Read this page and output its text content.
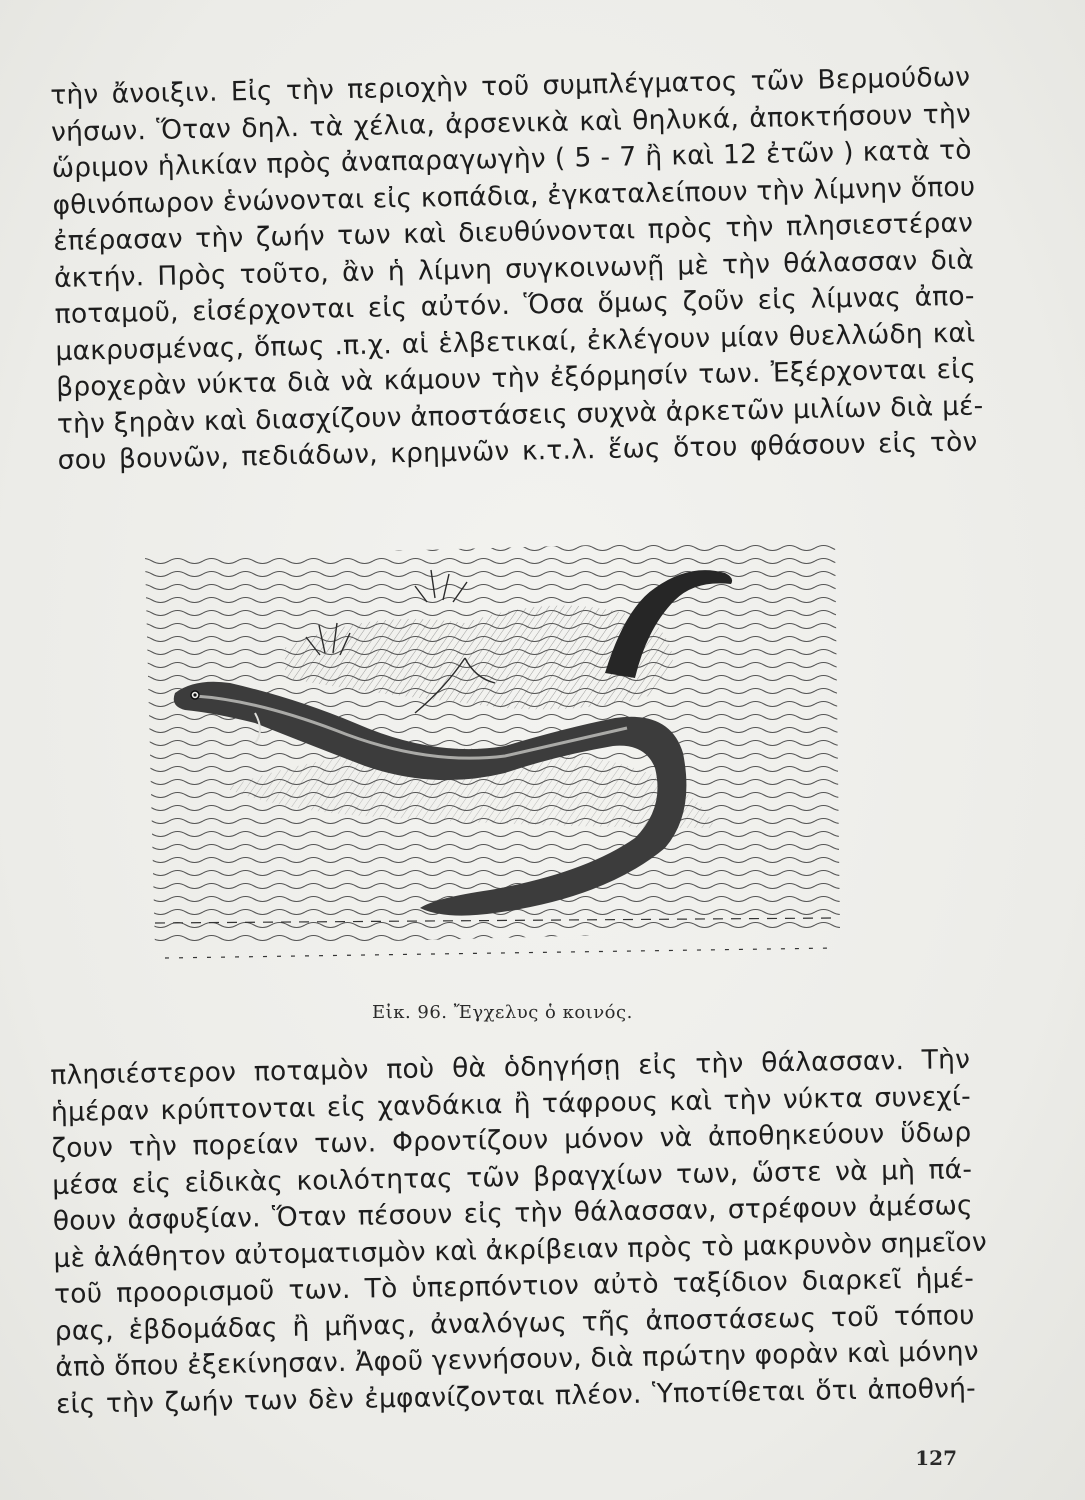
τὴν ἄνοιξιν. Εἰς τὴν περιοχὴν τοῦ συμπλέγματος τῶν Βερμούδων

νήσων. Ὅταν δηλ. τὰ χέλια, ἀρσενικὰ καὶ θηλυκά, ἀποκτήσουν τὴν

ὥριμον ἡλικίαν πρὸς ἀναπαραγωγὴν ( 5 - 7 ἢ καὶ 12 ἐτῶν ) κατὰ τὸ

φθινόπωρον ἑνώνονται εἰς κοπάδια, ἐγκαταλείπουν τὴν λίμνην ὅπου

ἐπέρασαν τὴν ζωήν των καὶ διευθύνονται πρὸς τὴν πλησιεστέραν

ἀκτήν. Πρὸς τοῦτο, ἂν ἡ λίμνη συγκοινωνῇ μὲ τὴν θάλασσαν διὰ

ποταμοῦ, εἰσέρχονται εἰς αὐτόν. Ὅσα ὅμως ζοῦν εἰς λίμνας ἀπο-

μακρυσμένας, ὅπως .π.χ. αἱ ἑλβετικαί, ἐκλέγουν μίαν θυελλώδη καὶ

βροχερὰν νύκτα διὰ νὰ κάμουν τὴν ἐξόρμησίν των. Ἐξέρχονται εἰς

τὴν ξηρὰν καὶ διασχίζουν ἀποστάσεις συχνὰ ἀρκετῶν μιλίων διὰ μέ-

σου βουνῶν, πεδιάδων, κρημνῶν κ.τ.λ. ἕως ὅτου φθάσουν εἰς τὸν

Εἰκ. 96. Ἔγχελυς ὁ κοινός.

πλησιέστερον ποταμὸν ποὺ θὰ ὁδηγήσῃ εἰς τὴν θάλασσαν. Τὴν

ἡμέραν κρύπτονται εἰς χανδάκια ἢ τάφρους καὶ τὴν νύκτα συνεχί-

ζουν τὴν πορείαν των. Φροντίζουν μόνον νὰ ἀποθηκεύουν ὕδωρ

μέσα εἰς εἰδικὰς κοιλότητας τῶν βραγχίων των, ὥστε νὰ μὴ πά-

θουν ἀσφυξίαν. Ὅταν πέσουν εἰς τὴν θάλασσαν, στρέφουν ἀμέσως

μὲ ἀλάθητον αὐτοματισμὸν καὶ ἀκρίβειαν πρὸς τὸ μακρυνὸν σημεῖον

τοῦ προορισμοῦ των. Τὸ ὑπερπόντιον αὐτὸ ταξίδιον διαρκεῖ ἡμέ-

ρας, ἑβδομάδας ἢ μῆνας, ἀναλόγως τῆς ἀποστάσεως τοῦ τόπου

ἀπὸ ὅπου ἐξεκίνησαν. Ἀφοῦ γεννήσουν, διὰ πρώτην φορὰν καὶ μόνην

εἰς τὴν ζωήν των δὲν ἐμφανίζονται πλέον. Ὑποτίθεται ὅτι ἀποθνή-

127
